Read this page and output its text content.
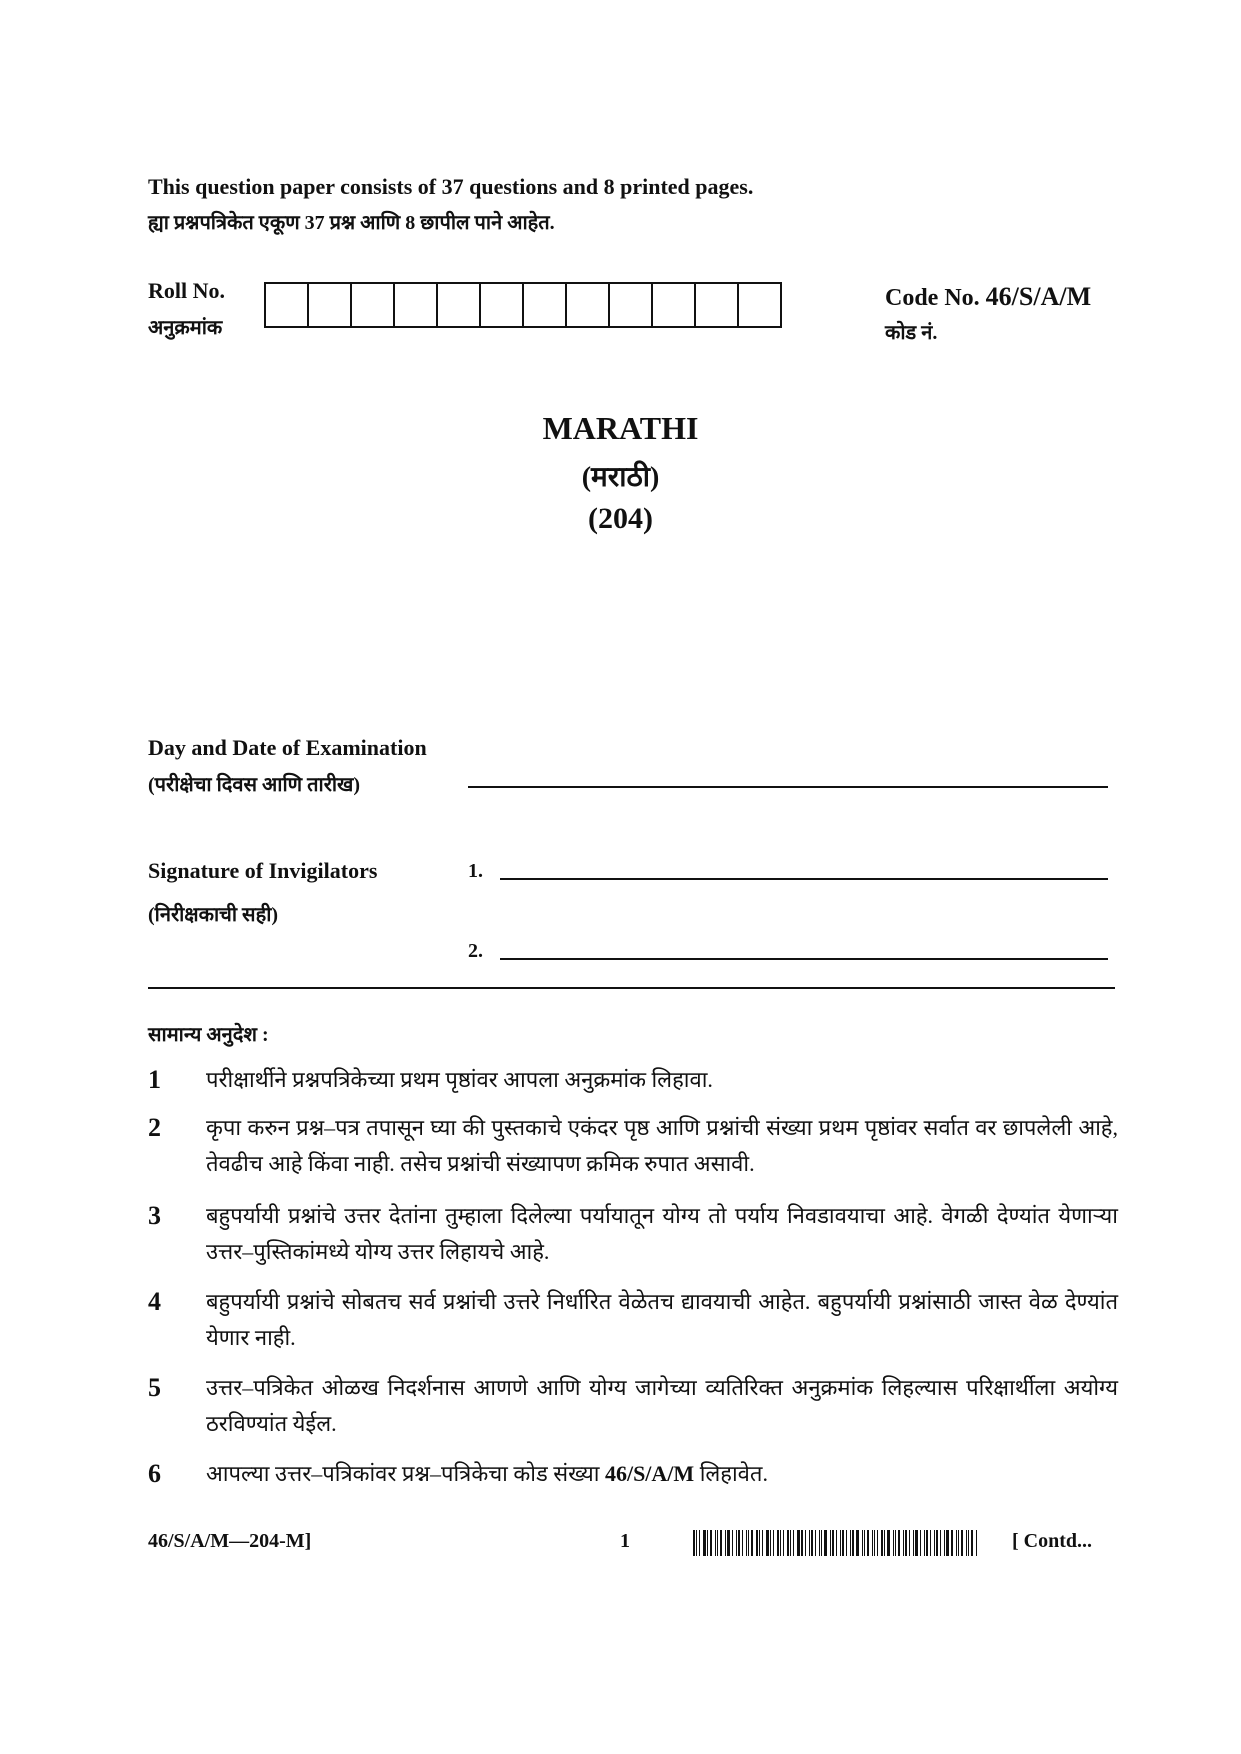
This question paper consists of 37 questions and 8 printed pages.
ह्या प्रश्नपत्रिकेत एकूण 37 प्रश्न आणि 8 छापील पाने आहेत.
Roll No.
अनुक्रमांक
Code No. 46/S/A/M
कोड नं.
MARATHI
(मराठी)
(204)
Day and Date of Examination
(परीक्षेचा दिवस आणि तारीख)
Signature of Invigilators
(निरीक्षकाची सही)
1.
2.
सामान्य अनुदेश :
1 परीक्षार्थीने प्रश्नपत्रिकेच्या प्रथम पृष्ठांवर आपला अनुक्रमांक लिहावा.
2 कृपा करुन प्रश्न–पत्र तपासून घ्या की पुस्तकाचे एकंदर पृष्ठ आणि प्रश्नांची संख्या प्रथम पृष्ठांवर सर्वात वर छापलेली आहे, तेवढीच आहे किंवा नाही. तसेच प्रश्नांची संख्यापण क्रमिक रुपात असावी.
3 बहुपर्यायी प्रश्नांचे उत्तर देतांना तुम्हाला दिलेल्या पर्यायातून योग्य तो पर्याय निवडावयाचा आहे. वेगळी देण्यांत येणाऱ्या उत्तर–पुस्तिकांमध्ये योग्य उत्तर लिहायचे आहे.
4 बहुपर्यायी प्रश्नांचे सोबतच सर्व प्रश्नांची उत्तरे निर्धारित वेळेतच द्यावयाची आहेत. बहुपर्यायी प्रश्नांसाठी जास्त वेळ देण्यांत येणार नाही.
5 उत्तर–पत्रिकेत ओळख निदर्शनास आणणे आणि योग्य जागेच्या व्यतिरिक्त अनुक्रमांक लिहल्यास परिक्षार्थीला अयोग्य ठरविण्यांत येईल.
6 आपल्या उत्तर–पत्रिकांवर प्रश्न–पत्रिकेचा कोड संख्या 46/S/A/M लिहावेत.
46/S/A/M—204-M]	1	[ Contd...
